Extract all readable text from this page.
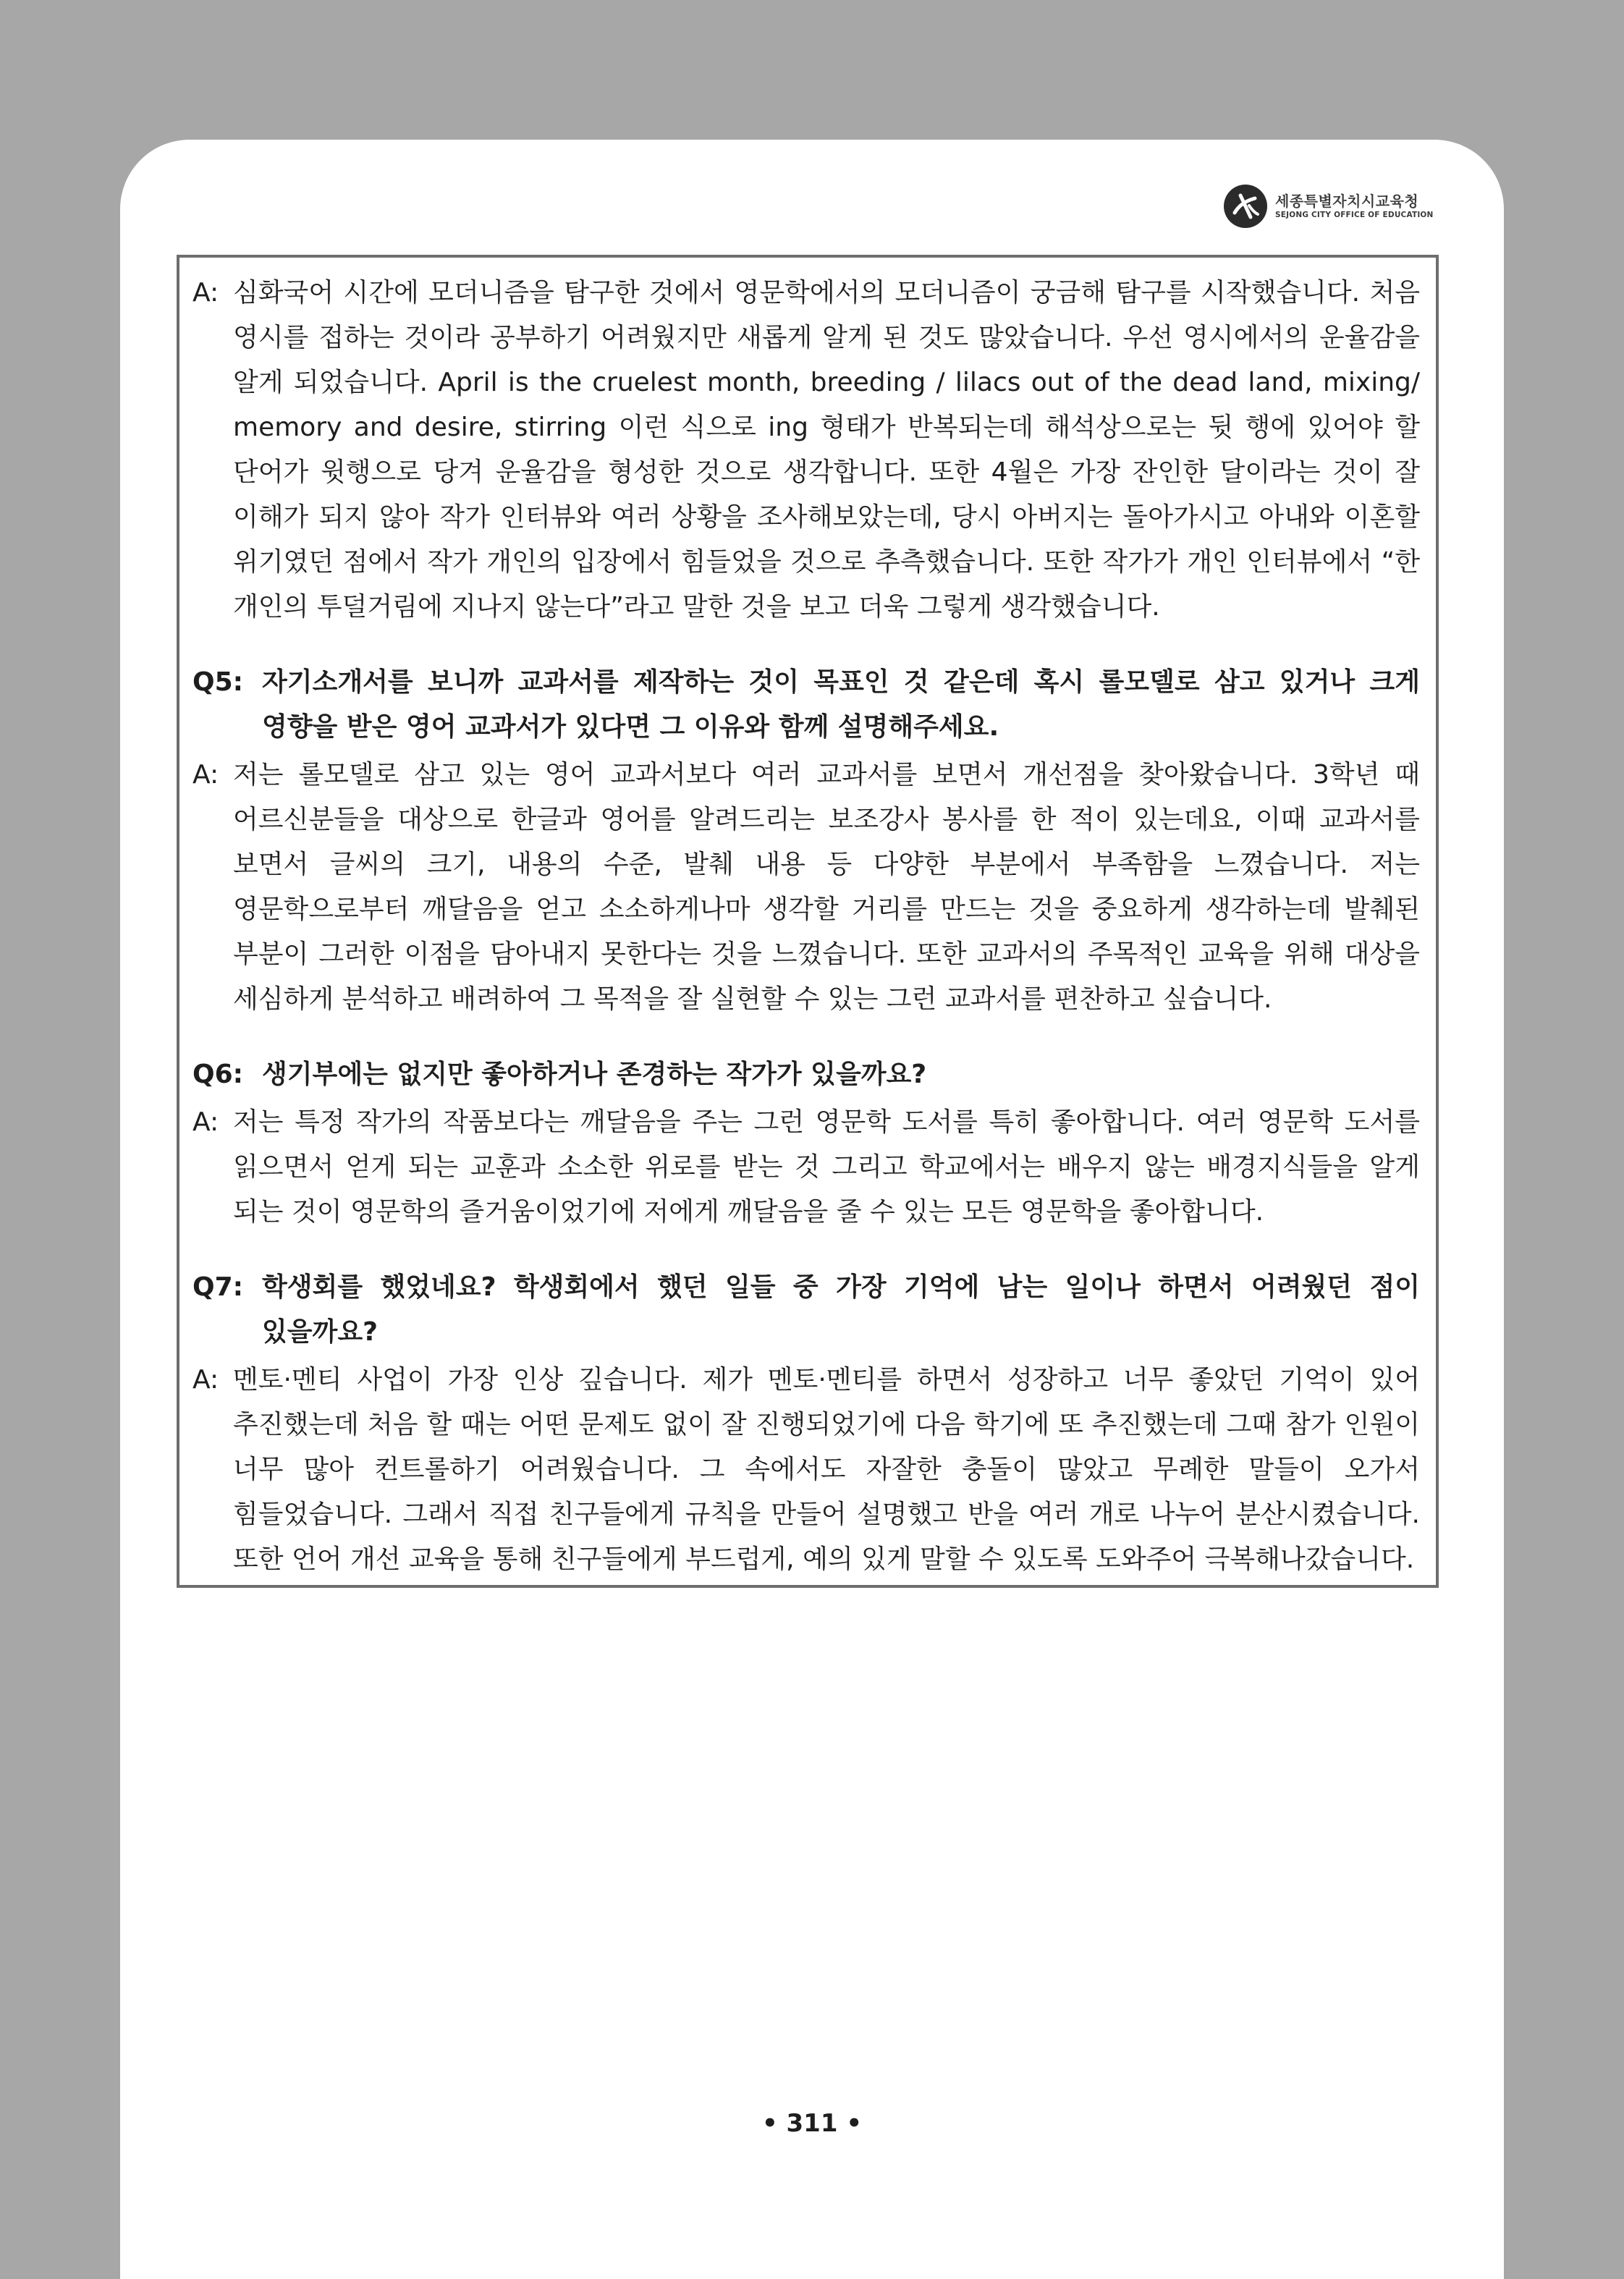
세종특별자치시교육청
SEJONG CITY OFFICE OF EDUCATION
A: 심화국어 시간에 모더니즘을 탐구한 것에서 영문학에서의 모더니즘이 궁금해 탐구를 시작했습니다. 처음 영시를 접하는 것이라 공부하기 어려웠지만 새롭게 알게 된 것도 많았습니다. 우선 영시에서의 운율감을 알게 되었습니다. April is the cruelest month, breeding / lilacs out of the dead land, mixing/ memory and desire, stirring 이런 식으로 ing 형태가 반복되는데 해석상으로는 뒷 행에 있어야 할 단어가 윗행으로 당겨 운율감을 형성한 것으로 생각합니다. 또한 4월은 가장 잔인한 달이라는 것이 잘 이해가 되지 않아 작가 인터뷰와 여러 상황을 조사해보았는데, 당시 아버지는 돌아가시고 아내와 이혼할 위기였던 점에서 작가 개인의 입장에서 힘들었을 것으로 추측했습니다. 또한 작가가 개인 인터뷰에서 “한 개인의 투덜거림에 지나지 않는다”라고 말한 것을 보고 더욱 그렇게 생각했습니다.
Q5: 자기소개서를 보니까 교과서를 제작하는 것이 목표인 것 같은데 혹시 롤모델로 삼고 있거나 크게 영향을 받은 영어 교과서가 있다면 그 이유와 함께 설명해주세요.
A: 저는 롤모델로 삼고 있는 영어 교과서보다 여러 교과서를 보면서 개선점을 찾아왔습니다. 3학년 때 어르신분들을 대상으로 한글과 영어를 알려드리는 보조강사 봉사를 한 적이 있는데요, 이때 교과서를 보면서 글씨의 크기, 내용의 수준, 발췌 내용 등 다양한 부분에서 부족함을 느꼈습니다. 저는 영문학으로부터 깨달음을 얻고 소소하게나마 생각할 거리를 만드는 것을 중요하게 생각하는데 발췌된 부분이 그러한 이점을 담아내지 못한다는 것을 느꼈습니다. 또한 교과서의 주목적인 교육을 위해 대상을 세심하게 분석하고 배려하여 그 목적을 잘 실현할 수 있는 그런 교과서를 편찬하고 싶습니다.
Q6: 생기부에는 없지만 좋아하거나 존경하는 작가가 있을까요?
A: 저는 특정 작가의 작품보다는 깨달음을 주는 그런 영문학 도서를 특히 좋아합니다. 여러 영문학 도서를 읽으면서 얻게 되는 교훈과 소소한 위로를 받는 것 그리고 학교에서는 배우지 않는 배경지식들을 알게 되는 것이 영문학의 즐거움이었기에 저에게 깨달음을 줄 수 있는 모든 영문학을 좋아합니다.
Q7: 학생회를 했었네요? 학생회에서 했던 일들 중 가장 기억에 남는 일이나 하면서 어려웠던 점이 있을까요?
A: 멘토·멘티 사업이 가장 인상 깊습니다. 제가 멘토·멘티를 하면서 성장하고 너무 좋았던 기억이 있어 추진했는데 처음 할 때는 어떤 문제도 없이 잘 진행되었기에 다음 학기에 또 추진했는데 그때 참가 인원이 너무 많아 컨트롤하기 어려웠습니다. 그 속에서도 자잘한 충돌이 많았고 무례한 말들이 오가서 힘들었습니다. 그래서 직접 친구들에게 규칙을 만들어 설명했고 반을 여러 개로 나누어 분산시켰습니다. 또한 언어 개선 교육을 통해 친구들에게 부드럽게, 예의 있게 말할 수 있도록 도와주어 극복해나갔습니다.
• 311 •
